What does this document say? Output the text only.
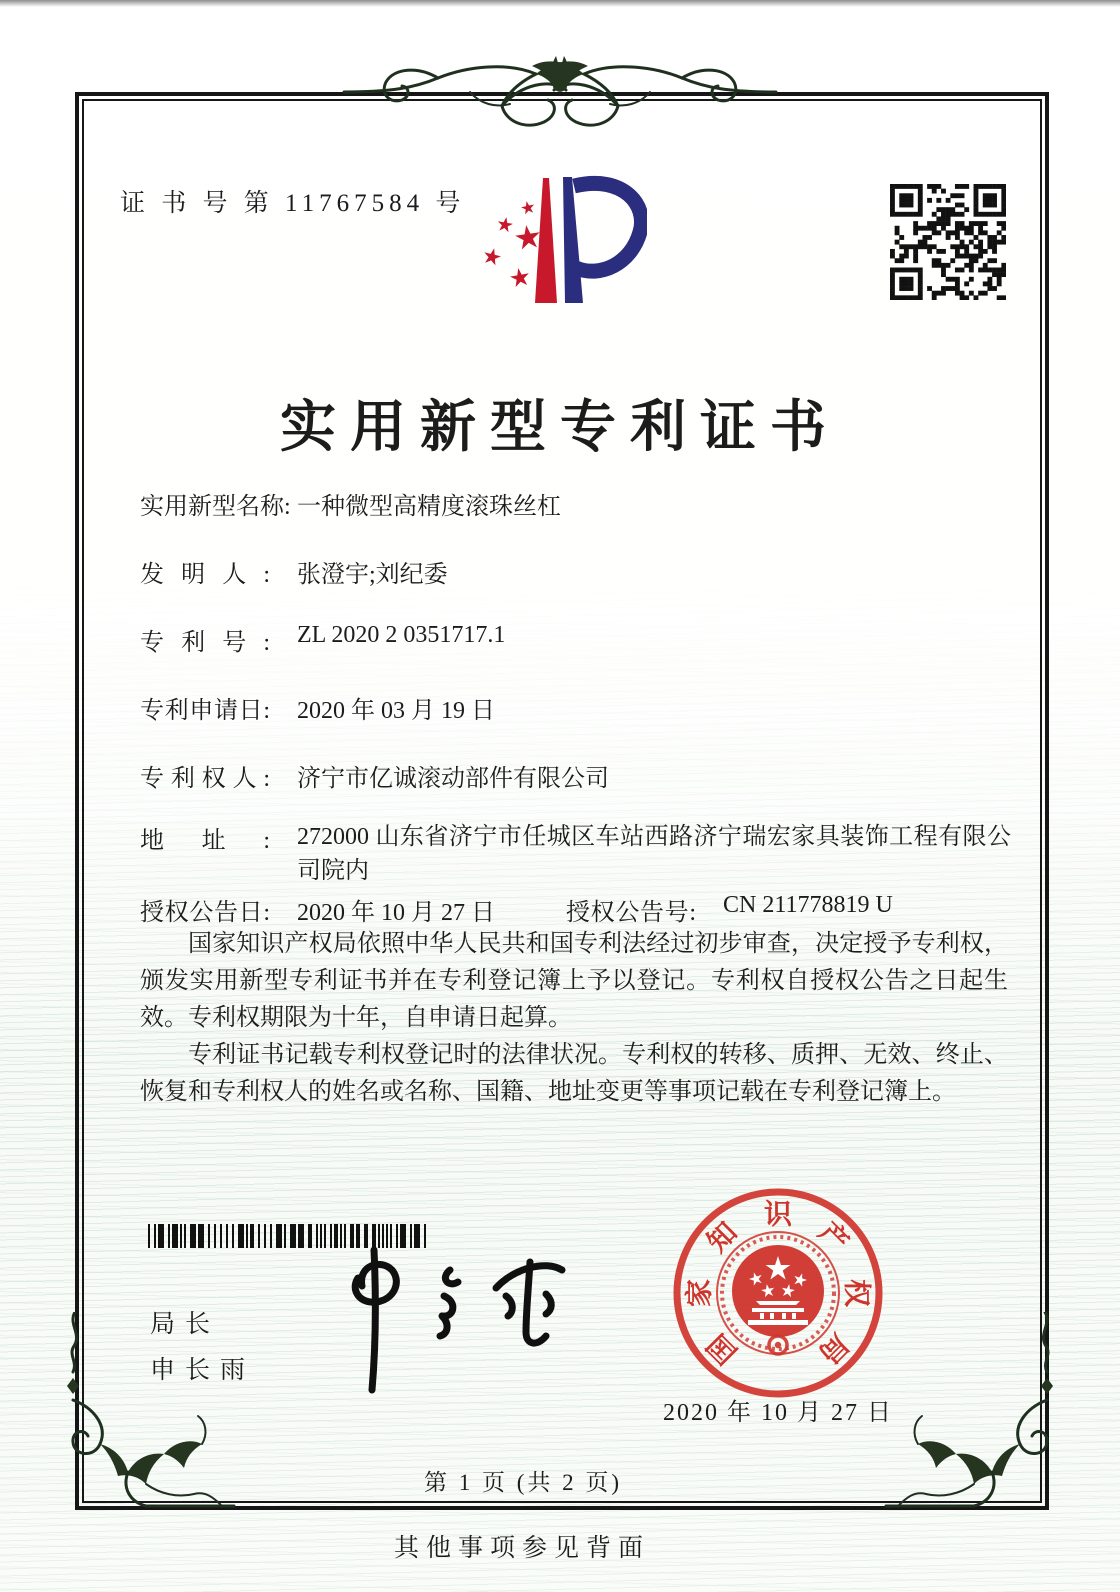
证 书 号 第 11767584 号
实用新型专利证书
实用新型名称: 一种微型高精度滚珠丝杠
发明人: 张澄宇;刘纪委
专利号: ZL 2020 2 0351717.1
专利申请日: 2020 年 03 月 19 日
专利权人: 济宁市亿诚滚动部件有限公司
地址: 272000 山东省济宁市任城区车站西路济宁瑞宏家具装饰工程有限公司院内
授权公告日: 2020 年 10 月 27 日	授权公告号: CN 211778819 U

国家知识产权局依照中华人民共和国专利法经过初步审查，决定授予专利权，颁发实用新型专利证书并在专利登记簿上予以登记。专利权自授权公告之日起生效。专利权期限为十年，自申请日起算。

专利证书记载专利权登记时的法律状况。专利权的转移、质押、无效、终止、恢复和专利权人的姓名或名称、国籍、地址变更等事项记载在专利登记簿上。

局长
申长雨
国
家
知
识
产
权
局
2020 年 10 月 27 日
第 1 页 (共 2 页)
其他事项参见背面
